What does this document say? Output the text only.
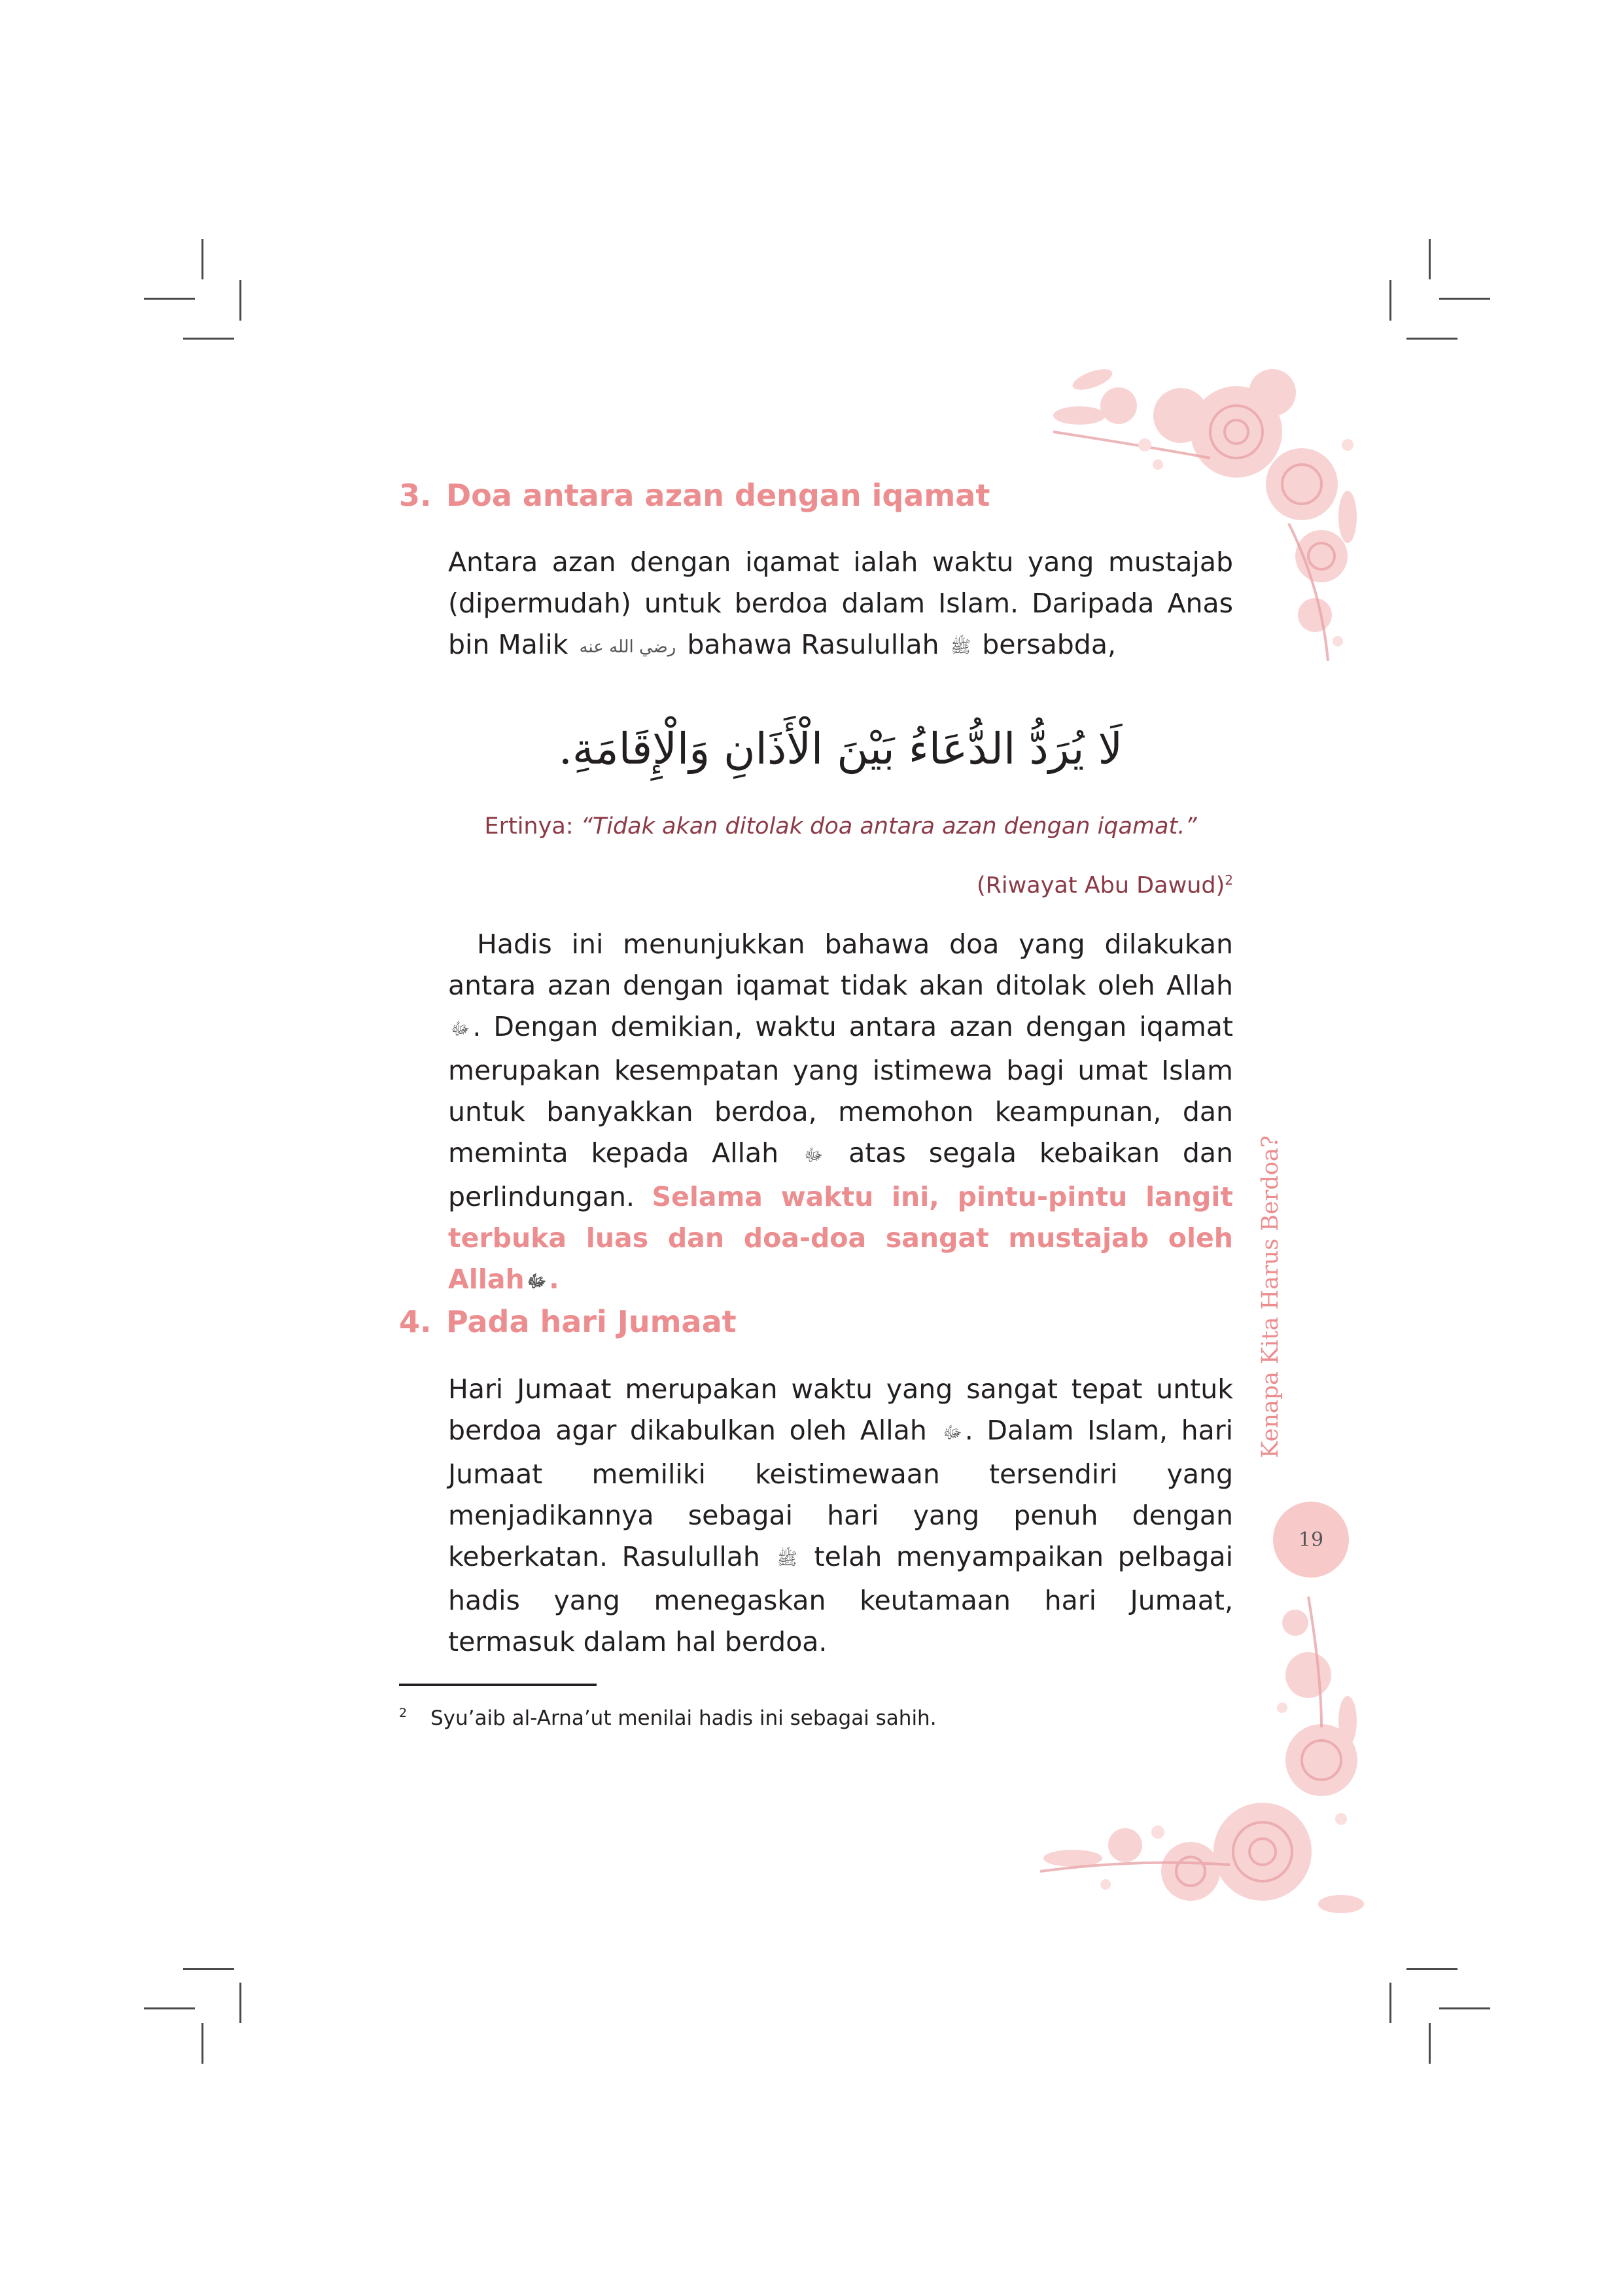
3. Doa antara azan dengan iqamat
Antara azan dengan iqamat ialah waktu yang mustajab (dipermudah) untuk berdoa dalam Islam. Daripada Anas bin Malik رضي الله عنه bahawa Rasulullah ﷺ bersabda,
لَا يُرَدُّ الدُّعَاءُ بَيْنَ الْأَذَانِ وَالْإِقَامَةِ.
Ertinya: “Tidak akan ditolak doa antara azan dengan iqamat.”
(Riwayat Abu Dawud)$^2$
Hadis ini menunjukkan bahawa doa yang dilakukan antara azan dengan iqamat tidak akan ditolak oleh Allah ﷻ. Dengan demikian, waktu antara azan dengan iqamat merupakan kesempatan yang istimewa bagi umat Islam untuk banyakkan berdoa, memohon keampunan, dan meminta kepada Allah ﷻ atas segala kebaikan dan perlindungan. Selama waktu ini, pintu-pintu langit terbuka luas dan doa-doa sangat mustajab oleh Allah ﷻ.
4. Pada hari Jumaat
Hari Jumaat merupakan waktu yang sangat tepat untuk berdoa agar dikabulkan oleh Allah ﷻ. Dalam Islam, hari Jumaat memiliki keistimewaan tersendiri yang menjadikannya sebagai hari yang penuh dengan keberkatan. Rasulullah ﷺ telah menyampaikan pelbagai hadis yang menegaskan keutamaan hari Jumaat, termasuk dalam hal berdoa.
Kenapa Kita Harus Berdoa?
19
2 Syu’aib al-Arna’ut menilai hadis ini sebagai sahih.
